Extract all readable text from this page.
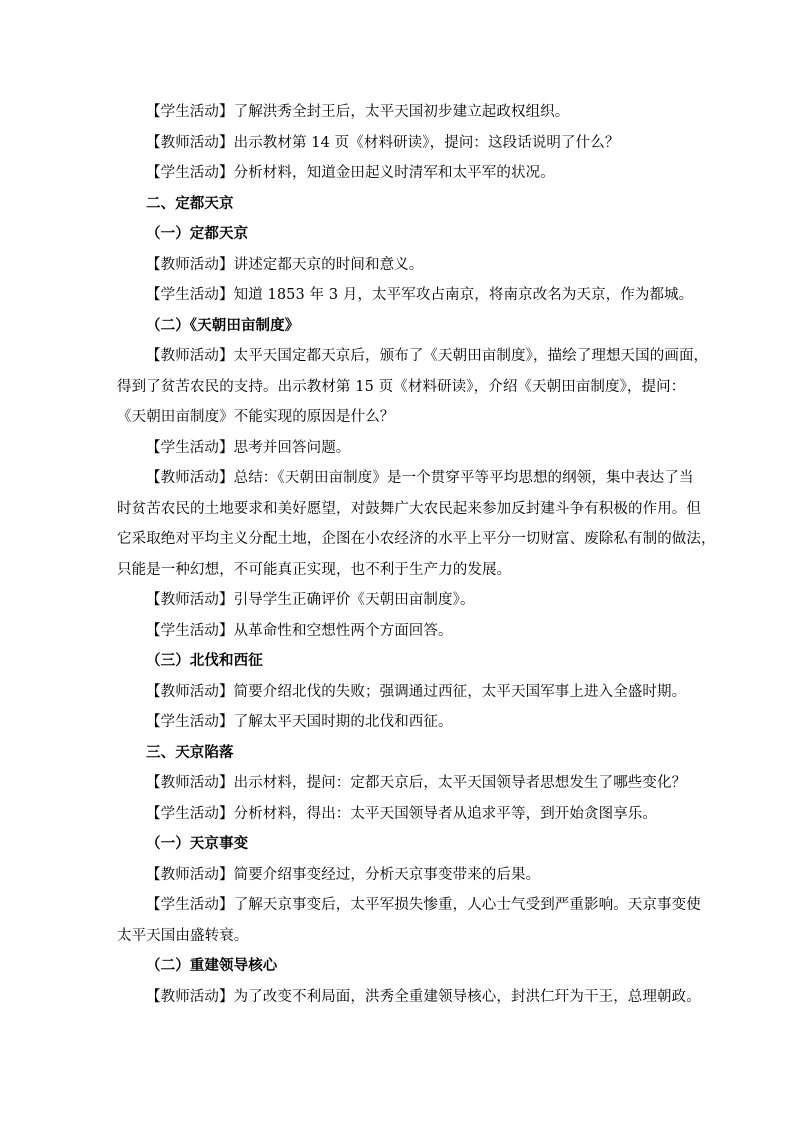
【学生活动】了解洪秀全封王后，太平天国初步建立起政权组织。
【教师活动】出示教材第 14 页《材料研读》，提问：这段话说明了什么？
【学生活动】分析材料，知道金田起义时清军和太平军的状况。
二、定都天京
（一）定都天京
【教师活动】讲述定都天京的时间和意义。
【学生活动】知道 1853 年 3 月，太平军攻占南京，将南京改名为天京，作为都城。
（二）《天朝田亩制度》
【教师活动】太平天国定都天京后，颁布了《天朝田亩制度》，描绘了理想天国的画面，
得到了贫苦农民的支持。出示教材第 15 页《材料研读》，介绍《天朝田亩制度》，提问：
《天朝田亩制度》不能实现的原因是什么？
【学生活动】思考并回答问题。
【教师活动】总结：《天朝田亩制度》是一个贯穿平等平均思想的纲领，集中表达了当
时贫苦农民的土地要求和美好愿望，对鼓舞广大农民起来参加反封建斗争有积极的作用。但
它采取绝对平均主义分配土地，企图在小农经济的水平上平分一切财富、废除私有制的做法，
只能是一种幻想，不可能真正实现，也不利于生产力的发展。
【教师活动】引导学生正确评价《天朝田亩制度》。
【学生活动】从革命性和空想性两个方面回答。
（三）北伐和西征
【教师活动】简要介绍北伐的失败；强调通过西征，太平天国军事上进入全盛时期。
【学生活动】了解太平天国时期的北伐和西征。
三、天京陷落
【教师活动】出示材料，提问：定都天京后，太平天国领导者思想发生了哪些变化？
【学生活动】分析材料，得出：太平天国领导者从追求平等，到开始贪图享乐。
（一）天京事变
【教师活动】简要介绍事变经过，分析天京事变带来的后果。
【学生活动】了解天京事变后，太平军损失惨重，人心士气受到严重影响。天京事变使
太平天国由盛转衰。
（二）重建领导核心
【教师活动】为了改变不利局面，洪秀全重建领导核心，封洪仁玕为干王，总理朝政。
